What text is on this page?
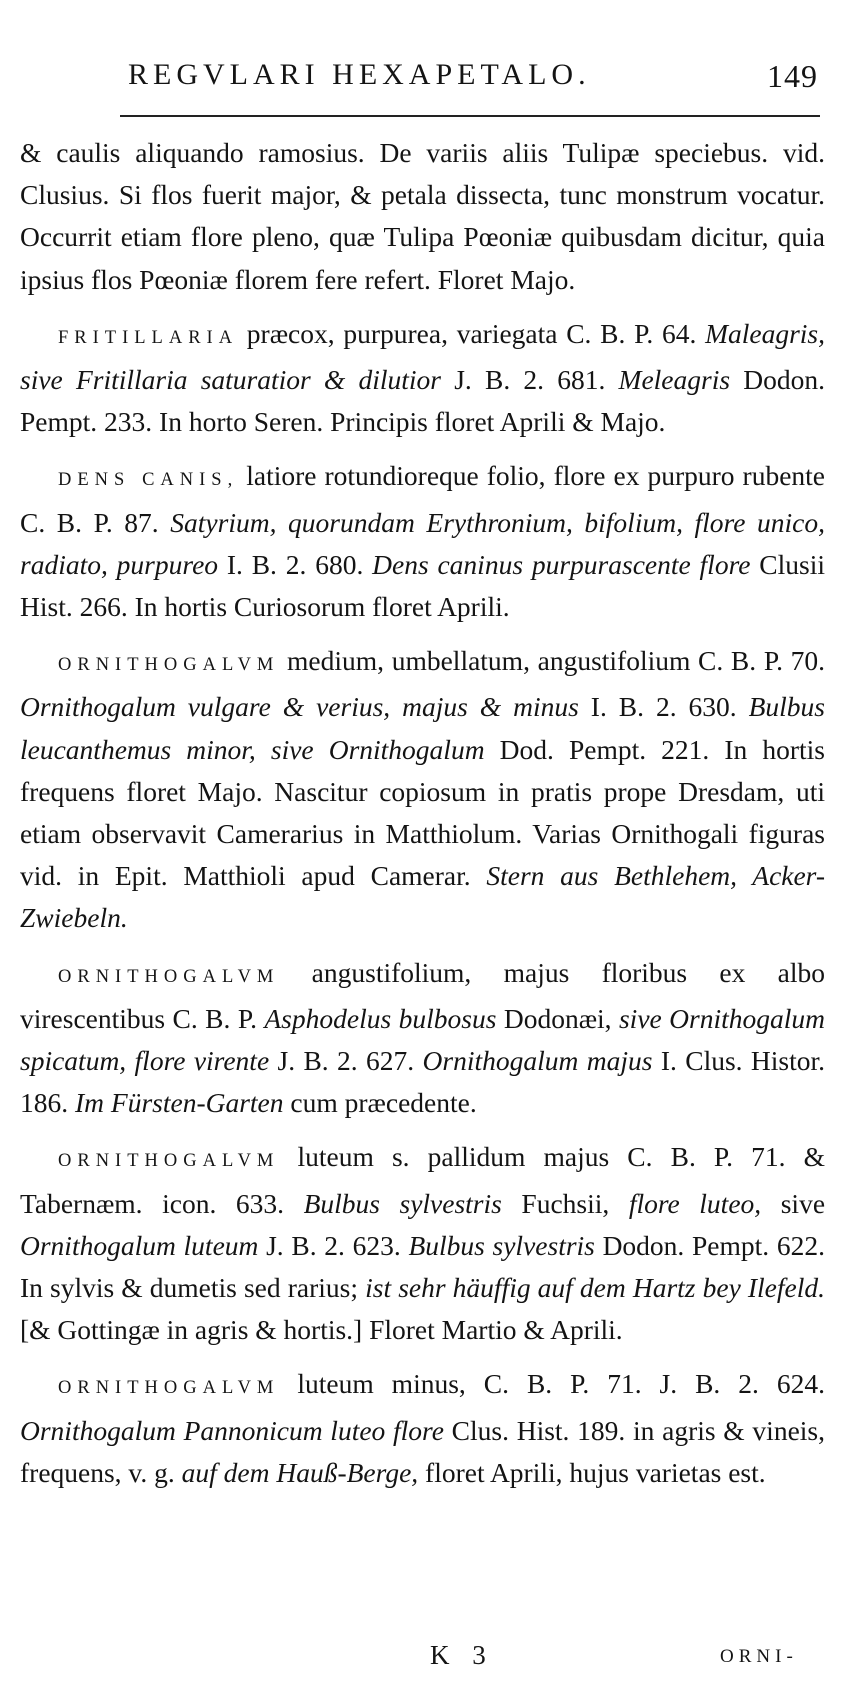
REGVLARI HEXAPETALO.	149

& caulis aliquando ramosius. De variis aliis Tulipæ speciebus. vid. Clusius. Si flos fuerit major, & petala dissecta, tunc monstrum vocatur. Occurrit etiam flore pleno, quæ Tulipa Pœoniæ quibusdam dicitur, quia ipsius flos Pœoniæ florem fere refert. Floret Majo.

FRITILLARIA præcox, purpurea, variegata C. B. P. 64. Maleagris, sive Fritillaria saturatior & dilutior J. B. 2. 681. Meleagris Dodon. Pempt. 233. In horto Seren. Principis floret Aprili & Majo.

DENS CANIS, latiore rotundioreque folio, flore ex purpuro rubente C. B. P. 87. Satyrium, quorundam Erythronium, bifolium, flore unico, radiato, purpureo I. B. 2. 680. Dens caninus purpurascente flore Clusii Hist. 266. In hortis Curiosorum floret Aprili.

ORNITHOGALVM medium, umbellatum, angustifolium C. B. P. 70. Ornithogalum vulgare & verius, majus & minus I. B. 2. 630. Bulbus leucanthemus minor, sive Ornithogalum Dod. Pempt. 221. In hortis frequens floret Majo. Nascitur copiosum in pratis prope Dresdam, uti etiam observavit Camerarius in Matthiolum. Varias Ornithogali figuras vid. in Epit. Matthioli apud Camerar. Stern aus Bethlehem, Acker-Zwiebeln.

ORNITHOGALVM angustifolium, majus floribus ex albo virescentibus C. B. P. Asphodelus bulbosus Dodonæi, sive Ornithogalum spicatum, flore virente J. B. 2. 627. Ornithogalum majus I. Clus. Histor. 186. Im Fürsten-Garten cum præcedente.

ORNITHOGALVM luteum s. pallidum majus C. B. P. 71. & Tabernæm. icon. 633. Bulbus sylvestris Fuchsii, flore luteo, sive Ornithogalum luteum J. B. 2. 623. Bulbus sylvestris Dodon. Pempt. 622. In sylvis & dumetis sed rarius; ist sehr häuffig auf dem Hartz bey Ilefeld. [& Gottingæ in agris & hortis.] Floret Martio & Aprili.

ORNITHOGALVM luteum minus, C. B. P. 71. J. B. 2. 624. Ornithogalum Pannonicum luteo flore Clus. Hist. 189. in agris & vineis, frequens, v. g. auf dem Hauß-Berge, floret Aprili, hujus varietas est.

K 3	ORNI-
